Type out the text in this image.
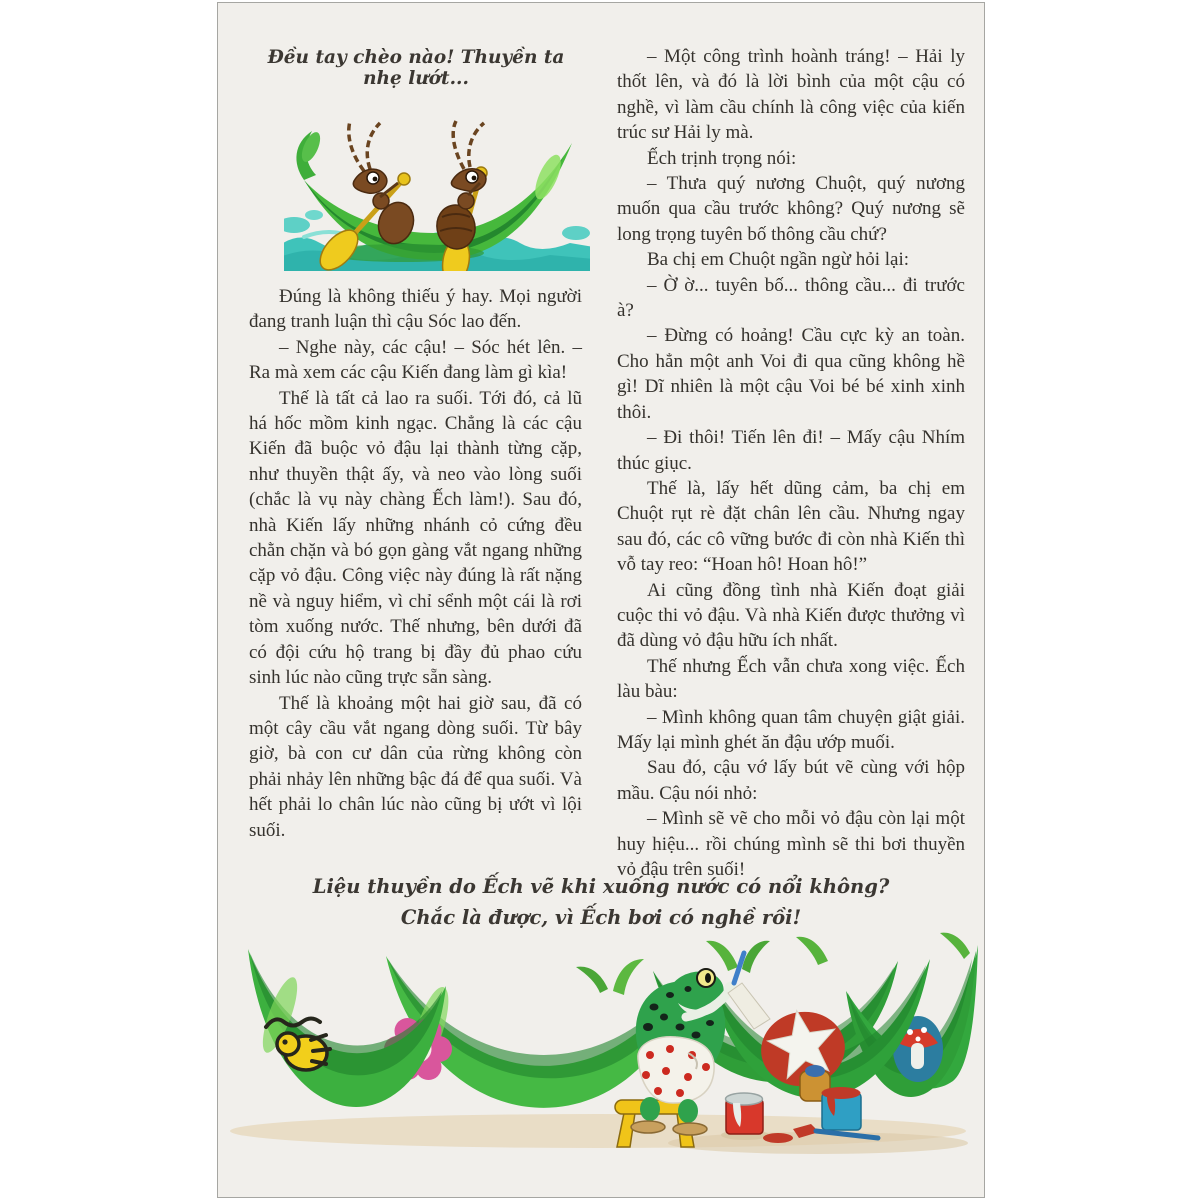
Đều tay chèo nào! Thuyền ta nhẹ lướt...

Đúng là không thiếu ý hay. Mọi người đang tranh luận thì cậu Sóc lao đến.

– Nghe này, các cậu! – Sóc hét lên. – Ra mà xem các cậu Kiến đang làm gì kìa!

Thế là tất cả lao ra suối. Tới đó, cả lũ há hốc mồm kinh ngạc. Chẳng là các cậu Kiến đã buộc vỏ đậu lại thành từng cặp, như thuyền thật ấy, và neo vào lòng suối (chắc là vụ này chàng Ếch làm!). Sau đó, nhà Kiến lấy những nhánh cỏ cứng đều chằn chặn và bó gọn gàng vắt ngang những cặp vỏ đậu. Công việc này đúng là rất nặng nề và nguy hiểm, vì chỉ sểnh một cái là rơi tòm xuống nước. Thế nhưng, bên dưới đã có đội cứu hộ trang bị đầy đủ phao cứu sinh lúc nào cũng trực sẵn sàng.

Thế là khoảng một hai giờ sau, đã có một cây cầu vắt ngang dòng suối. Từ bây giờ, bà con cư dân của rừng không còn phải nhảy lên những bậc đá để qua suối. Và hết phải lo chân lúc nào cũng bị ướt vì lội suối.

– Một công trình hoành tráng! – Hải ly thốt lên, và đó là lời bình của một cậu có nghề, vì làm cầu chính là công việc của kiến trúc sư Hải ly mà.

Ếch trịnh trọng nói:

– Thưa quý nương Chuột, quý nương muốn qua cầu trước không? Quý nương sẽ long trọng tuyên bố thông cầu chứ?

Ba chị em Chuột ngần ngừ hỏi lại:

– Ờ ờ... tuyên bố... thông cầu... đi trước à?

– Đừng có hoảng! Cầu cực kỳ an toàn. Cho hẳn một anh Voi đi qua cũng không hề gì! Dĩ nhiên là một cậu Voi bé bé xinh xinh thôi.

– Đi thôi! Tiến lên đi! – Mấy cậu Nhím thúc giục.

Thế là, lấy hết dũng cảm, ba chị em Chuột rụt rè đặt chân lên cầu. Nhưng ngay sau đó, các cô vững bước đi còn nhà Kiến thì vỗ tay reo: “Hoan hô! Hoan hô!”

Ai cũng đồng tình nhà Kiến đoạt giải cuộc thi vỏ đậu. Và nhà Kiến được thưởng vì đã dùng vỏ đậu hữu ích nhất.

Thế nhưng Ếch vẫn chưa xong việc. Ếch làu bàu:

– Mình không quan tâm chuyện giật giải. Mấy lại mình ghét ăn đậu ướp muối.

Sau đó, cậu vớ lấy bút vẽ cùng với hộp mầu. Cậu nói nhỏ:

– Mình sẽ vẽ cho mỗi vỏ đậu còn lại một huy hiệu... rồi chúng mình sẽ thi bơi thuyền vỏ đậu trên suối!

Liệu thuyền do Ếch vẽ khi xuống nước có nổi không?
Chắc là được, vì Ếch bơi có nghề rồi!
